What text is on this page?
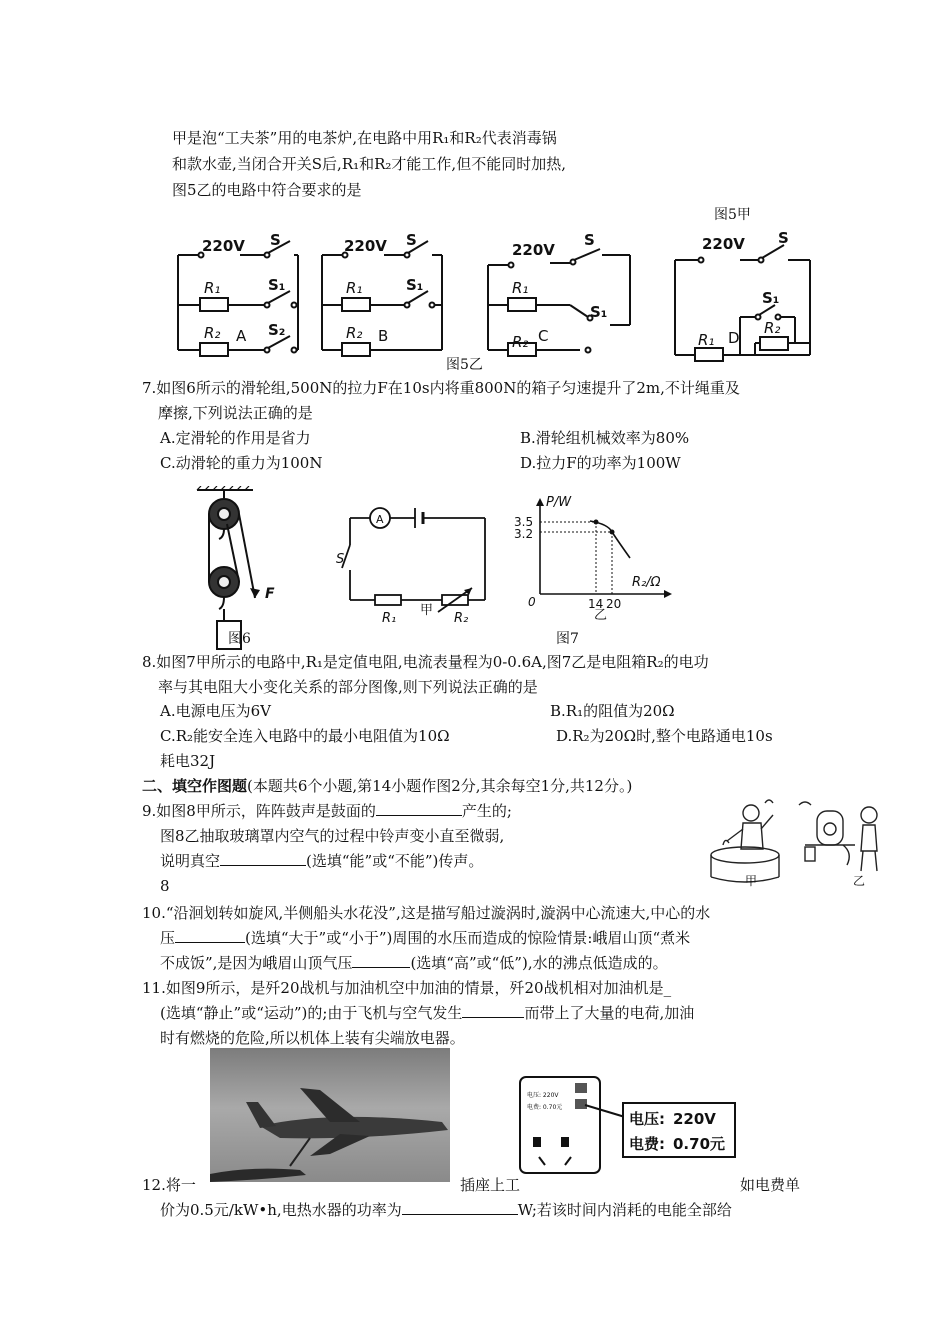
甲是泡“工夫茶”用的电茶炉,在电路中用R₁和R₂代表消毒锅
和款水壶,当闭合开关S后,R₁和R₂才能工作,但不能同时加热,
图5乙的电路中符合要求的是
图5甲
220V S
R₁	S₁
R₂ A S₂
220V S
R₁	S₁
R₂ B
220V
S
R₁
S₁
R₂ C
220V S
R₁
S₁
R₂
D
图5乙
7.如图6所示的滑轮组,500N的拉力F在10s内将重800N的箱子匀速提升了2m,不计绳重及
摩擦,下列说法正确的是
A.定滑轮的作用是省力	B.滑轮组机械效率为80%
C.动滑轮的重力为100N	D.拉力F的功率为100W
F
图6
A
S
R₁
甲
R₂
P/W
R₂/Ω
3.5
3.2
14 20
0
乙
图7
8.如图7甲所示的电路中,R₁是定值电阻,电流表量程为0-0.6A,图7乙是电阻箱R₂的电功
率与其电阻大小变化关系的部分图像,则下列说法正确的是
A.电源电压为6V	B.R₁的阻值为20Ω
C.R₂能安全连入电路中的最小电阻值为10Ω	D.R₂为20Ω时,整个电路通电10s
耗电32J
二、填空作图题(本题共6个小题,第14小题作图2分,其余每空1分,共12分。)
9.如图8甲所示，阵阵鼓声是鼓面的	产生的;
图8乙抽取玻璃罩内空气的过程中铃声变小直至微弱,
说明真空	(选填“能”或“不能”)传声。
8	甲	乙
10.“沿洄划转如旋风,半侧船头水花没”,这是描写船过漩涡时,漩涡中心流速大,中心的水
压	(选填“大于”或“小于”)周围的水压而造成的惊险情景:峨眉山顶“煮米
不成饭”,是因为峨眉山顶气压	(选填“高”或“低”),水的沸点低造成的。
11.如图9所示，是歼20战机与加油机空中加油的情景，歼20战机相对加油机是_
(选填“静止”或“运动”)的;由于飞机与空气发生	而带上了大量的电荷,加油
时有燃烧的危险,所以机体上装有尖端放电器。
电压: 220V
电费: 0.70元
电压: 220V
电费: 0.70元
12.将一	插座上工	如电费单
价为0.5元/kW•h,电热水器的功率为	W;若该时间内消耗的电能全部给
